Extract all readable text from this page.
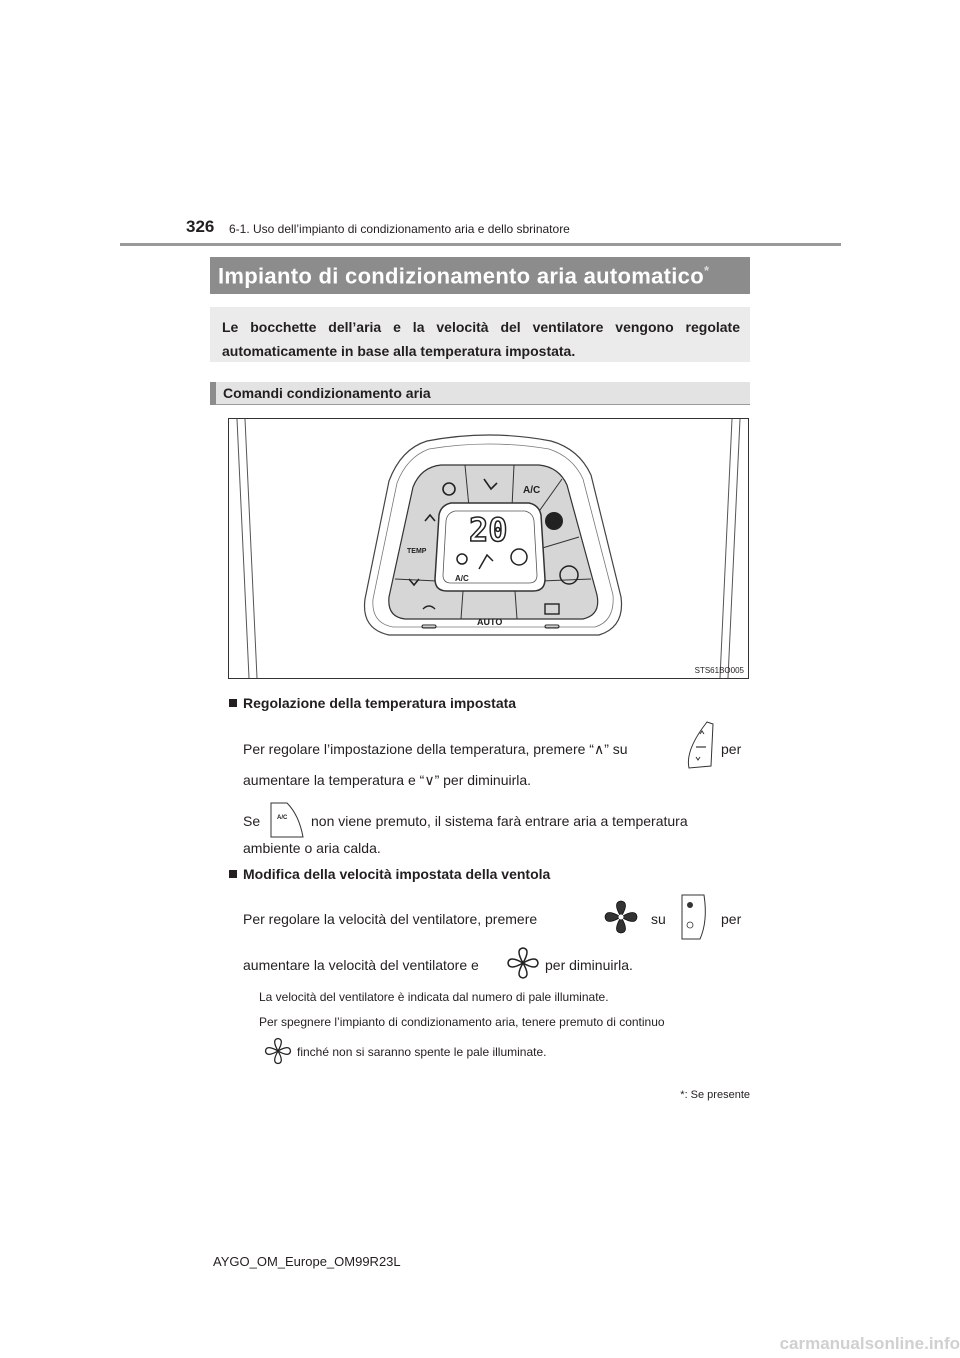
326 6-1. Uso dell’impianto di condizionamento aria e dello sbrinatore
Impianto di condizionamento aria automatico*
Le bocchette dell’aria e la velocità del ventilatore vengono regolate automaticamente in base alla temperatura impostata.
Comandi condizionamento aria
20
A/C
A/C
TEMP
AUTO
STS61BO005
Regolazione della temperatura impostata
Per regolare l’impostazione della temperatura, premere “∧” su	per
aumentare la temperatura e “∨” per diminuirla.
Se	A/C non viene premuto, il sistema farà entrare aria a temperatura
ambiente o aria calda.
Modifica della velocità impostata della ventola
Per regolare la velocità del ventilatore, premere	su	per
aumentare la velocità del ventilatore e	per diminuirla.
La velocità del ventilatore è indicata dal numero di pale illuminate.
Per spegnere l’impianto di condizionamento aria, tenere premuto di continuo
finché non si saranno spente le pale illuminate.
*: Se presente
AYGO_OM_Europe_OM99R23L
carmanualsonline.info
